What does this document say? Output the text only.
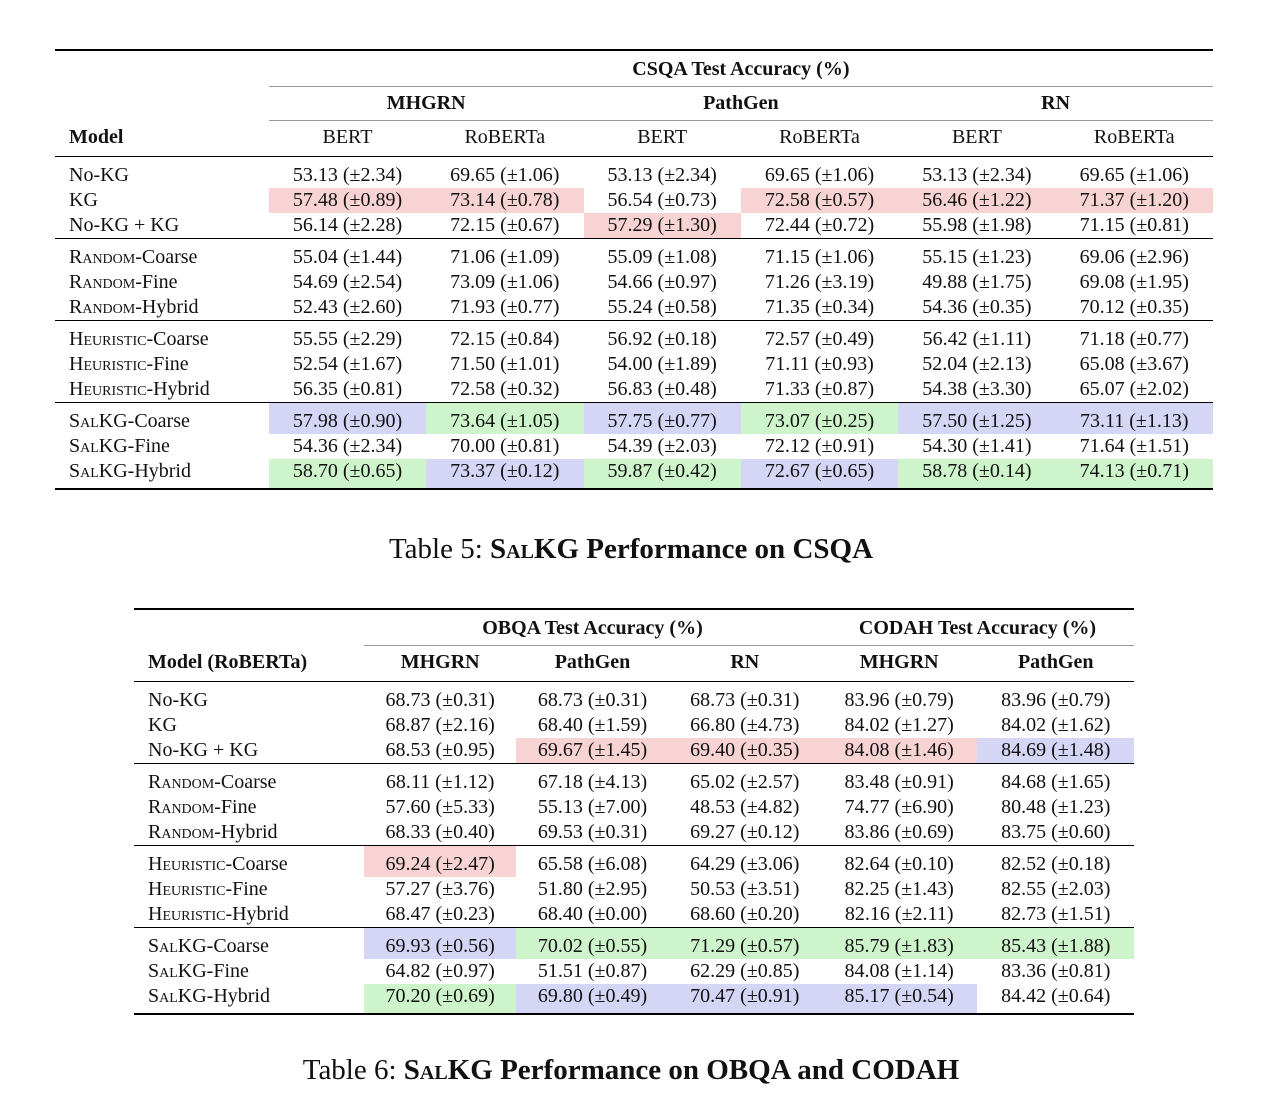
	CSQA Test Accuracy (%)					
	MHGRN		PathGen		RN	
Model	BERT	RoBERTa	BERT	RoBERTa	BERT	RoBERTa
No-KG	53.13 (±2.34)	69.65 (±1.06)	53.13 (±2.34)	69.65 (±1.06)	53.13 (±2.34)	69.65 (±1.06)
KG	57.48 (±0.89)	73.14 (±0.78)	56.54 (±0.73)	72.58 (±0.57)	56.46 (±1.22)	71.37 (±1.20)
No-KG + KG	56.14 (±2.28)	72.15 (±0.67)	57.29 (±1.30)	72.44 (±0.72)	55.98 (±1.98)	71.15 (±0.81)
Random-Coarse	55.04 (±1.44)	71.06 (±1.09)	55.09 (±1.08)	71.15 (±1.06)	55.15 (±1.23)	69.06 (±2.96)
Random-Fine	54.69 (±2.54)	73.09 (±1.06)	54.66 (±0.97)	71.26 (±3.19)	49.88 (±1.75)	69.08 (±1.95)
Random-Hybrid	52.43 (±2.60)	71.93 (±0.77)	55.24 (±0.58)	71.35 (±0.34)	54.36 (±0.35)	70.12 (±0.35)
Heuristic-Coarse	55.55 (±2.29)	72.15 (±0.84)	56.92 (±0.18)	72.57 (±0.49)	56.42 (±1.11)	71.18 (±0.77)
Heuristic-Fine	52.54 (±1.67)	71.50 (±1.01)	54.00 (±1.89)	71.11 (±0.93)	52.04 (±2.13)	65.08 (±3.67)
Heuristic-Hybrid	56.35 (±0.81)	72.58 (±0.32)	56.83 (±0.48)	71.33 (±0.87)	54.38 (±3.30)	65.07 (±2.02)
SalKG-Coarse	57.98 (±0.90)	73.64 (±1.05)	57.75 (±0.77)	73.07 (±0.25)	57.50 (±1.25)	73.11 (±1.13)
SalKG-Fine	54.36 (±2.34)	70.00 (±0.81)	54.39 (±2.03)	72.12 (±0.91)	54.30 (±1.41)	71.64 (±1.51)
SalKG-Hybrid	58.70 (±0.65)	73.37 (±0.12)	59.87 (±0.42)	72.67 (±0.65)	58.78 (±0.14)	74.13 (±0.71)
Table 5: SalKG Performance on CSQA
	OBQA Test Accuracy (%)			CODAH Test Accuracy (%)	
Model (RoBERTa)	MHGRN	PathGen	RN	MHGRN	PathGen
No-KG	68.73 (±0.31)	68.73 (±0.31)	68.73 (±0.31)	83.96 (±0.79)	83.96 (±0.79)
KG	68.87 (±2.16)	68.40 (±1.59)	66.80 (±4.73)	84.02 (±1.27)	84.02 (±1.62)
No-KG + KG	68.53 (±0.95)	69.67 (±1.45)	69.40 (±0.35)	84.08 (±1.46)	84.69 (±1.48)
Random-Coarse	68.11 (±1.12)	67.18 (±4.13)	65.02 (±2.57)	83.48 (±0.91)	84.68 (±1.65)
Random-Fine	57.60 (±5.33)	55.13 (±7.00)	48.53 (±4.82)	74.77 (±6.90)	80.48 (±1.23)
Random-Hybrid	68.33 (±0.40)	69.53 (±0.31)	69.27 (±0.12)	83.86 (±0.69)	83.75 (±0.60)
Heuristic-Coarse	69.24 (±2.47)	65.58 (±6.08)	64.29 (±3.06)	82.64 (±0.10)	82.52 (±0.18)
Heuristic-Fine	57.27 (±3.76)	51.80 (±2.95)	50.53 (±3.51)	82.25 (±1.43)	82.55 (±2.03)
Heuristic-Hybrid	68.47 (±0.23)	68.40 (±0.00)	68.60 (±0.20)	82.16 (±2.11)	82.73 (±1.51)
SalKG-Coarse	69.93 (±0.56)	70.02 (±0.55)	71.29 (±0.57)	85.79 (±1.83)	85.43 (±1.88)
SalKG-Fine	64.82 (±0.97)	51.51 (±0.87)	62.29 (±0.85)	84.08 (±1.14)	83.36 (±0.81)
SalKG-Hybrid	70.20 (±0.69)	69.80 (±0.49)	70.47 (±0.91)	85.17 (±0.54)	84.42 (±0.64)
Table 6: SalKG Performance on OBQA and CODAH
